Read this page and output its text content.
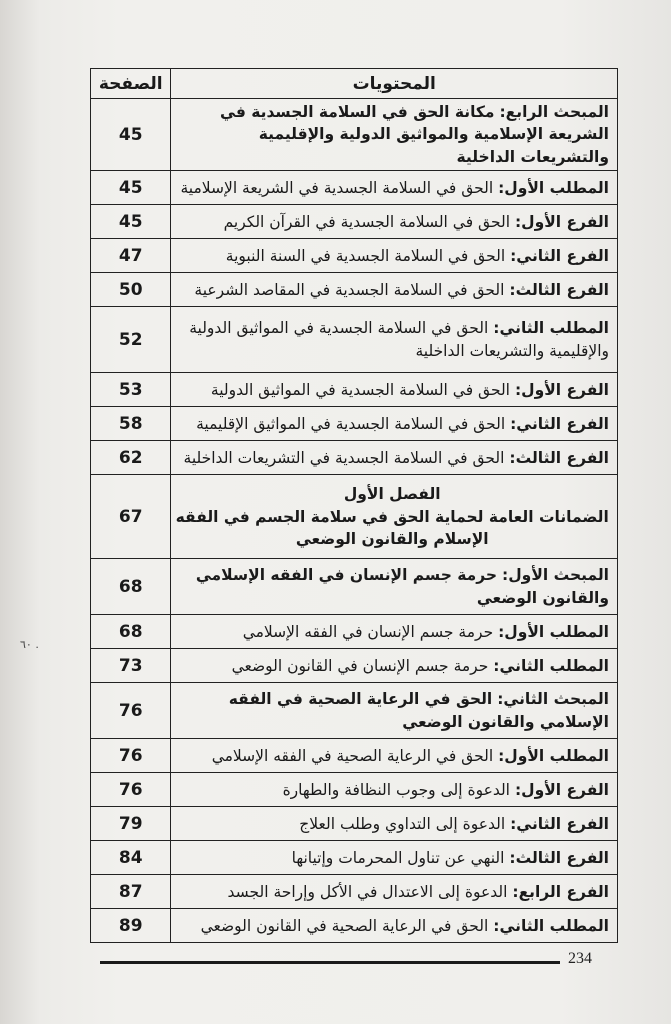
المحتويات	الصفحة
المبحث الرابع: مكانة الحق في السلامة الجسدية في الشريعة الإسلامية والمواثيق الدولية والإقليمية والتشريعات الداخلية	45
المطلب الأول: الحق في السلامة الجسدية في الشريعة الإسلامية	45
الفرع الأول: الحق في السلامة الجسدية في القرآن الكريم	45
الفرع الثاني: الحق في السلامة الجسدية في السنة النبوية	47
الفرع الثالث: الحق في السلامة الجسدية في المقاصد الشرعية	50
المطلب الثاني: الحق في السلامة الجسدية في المواثيق الدولية والإقليمية والتشريعات الداخلية	52
الفرع الأول: الحق في السلامة الجسدية في المواثيق الدولية	53
الفرع الثاني: الحق في السلامة الجسدية في المواثيق الإقليمية	58
الفرع الثالث: الحق في السلامة الجسدية في التشريعات الداخلية	62

الفصل الأول
الضمانات العامة لحماية الحق في سلامة الجسم في الفقه الإسلام والقانون الوضعي	67
المبحث الأول: حرمة جسم الإنسان في الفقه الإسلامي والقانون الوضعي	68
المطلب الأول: حرمة جسم الإنسان في الفقه الإسلامي	68
المطلب الثاني: حرمة جسم الإنسان في القانون الوضعي	73
المبحث الثاني: الحق في الرعاية الصحية في الفقه الإسلامي والقانون الوضعي	76
المطلب الأول: الحق في الرعاية الصحية في الفقه الإسلامي	76
الفرع الأول: الدعوة إلى وجوب النظافة والطهارة	76
الفرع الثاني: الدعوة إلى التداوي وطلب العلاج	79
الفرع الثالث: النهي عن تناول المحرمات وإتيانها	84
الفرع الرابع: الدعوة إلى الاعتدال في الأكل وإراحة الجسد	87
المطلب الثاني: الحق في الرعاية الصحية في القانون الوضعي	89
234
٦٠ .
